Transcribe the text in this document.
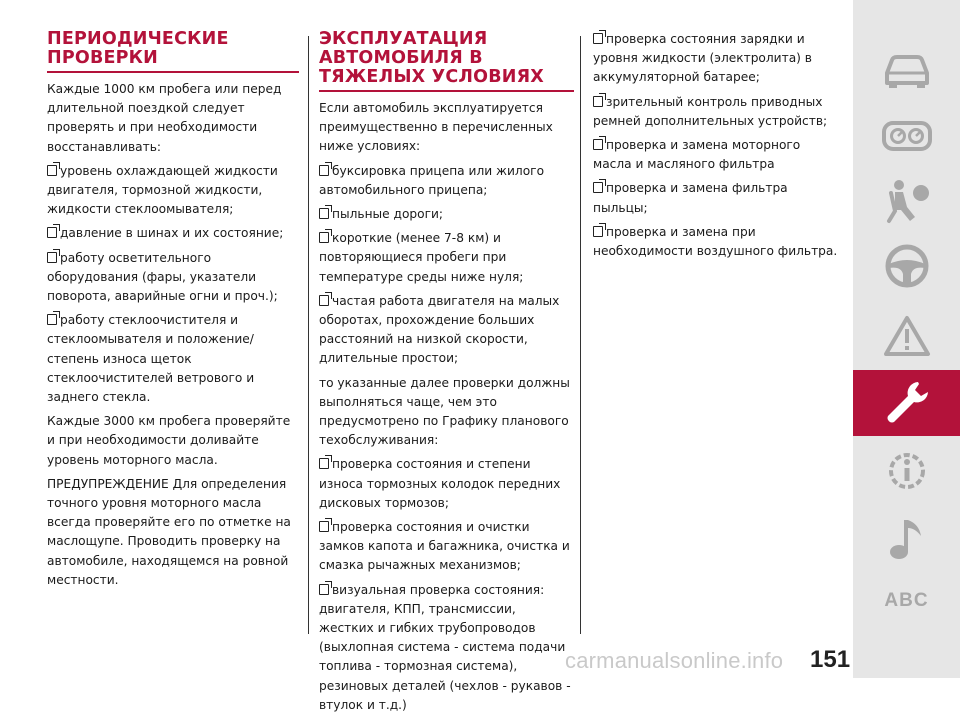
ПЕРИОДИЧЕСКИЕ ПРОВЕРКИ

Каждые 1000 км пробега или перед длительной поездкой следует проверять и при необходимости восстанавливать:

уровень охлаждающей жидкости двигателя, тормозной жидкости, жидкости стеклоомывателя;

давление в шинах и их состояние;

работу осветительного оборудования (фары, указатели поворота, аварийные огни и проч.);

работу стеклоочистителя и стеклоомывателя и положение/степень износа щеток стеклоочистителей ветрового и заднего стекла.

Каждые 3000 км пробега проверяйте и при необходимости доливайте уровень моторного масла.

ПРЕДУПРЕЖДЕНИЕ Для определения точного уровня моторного масла всегда проверяйте его по отметке на маслощупе. Проводить проверку на автомобиле, находящемся на ровной местности.

ЭКСПЛУАТАЦИЯ АВТОМОБИЛЯ В ТЯЖЕЛЫХ УСЛОВИЯХ

Если автомобиль эксплуатируется преимущественно в перечисленных ниже условиях:

буксировка прицепа или жилого автомобильного прицепа;

пыльные дороги;

короткие (менее 7-8 км) и повторяющиеся пробеги при температуре среды ниже нуля;

частая работа двигателя на малых оборотах, прохождение больших расстояний на низкой скорости, длительные простои;

то указанные далее проверки должны выполняться чаще, чем это предусмотрено по Графику планового техобслуживания:

проверка состояния и степени износа тормозных колодок передних дисковых тормозов;

проверка состояния и очистки замков капота и багажника, очистка и смазка рычажных механизмов;

визуальная проверка состояния: двигателя, КПП, трансмиссии, жестких и гибких трубопроводов (выхлопная система - система подачи топлива - тормозная система), резиновых деталей (чехлов - рукавов - втулок и т.д.)

проверка состояния зарядки и уровня жидкости (электролита) в аккумуляторной батарее;

зрительный контроль приводных ремней дополнительных устройств;

проверка и замена моторного масла и масляного фильтра

проверка и замена фильтра пыльцы;

проверка и замена при необходимости воздушного фильтра.

ABC
carmanualsonline.info 151
